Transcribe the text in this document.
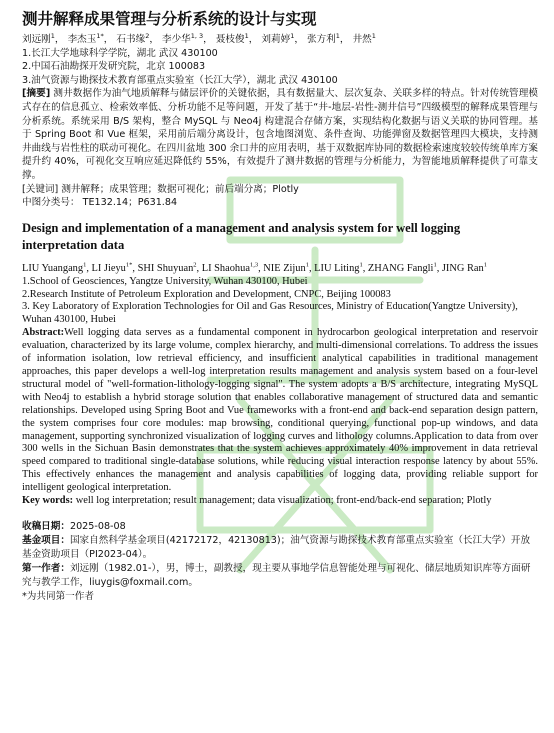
测井解释成果管理与分析系统的设计与实现
刘远刚$^1$， 李杰玉$^{1*}$， 石书缘$^2$， 李少华$^{1, 3}$， 聂枝俊$^1$， 刘莉婷$^1$， 张方利$^1$， 井然$^1$
1.长江大学地球科学学院，湖北 武汉 430100
2.中国石油勘探开发研究院，北京 100083
3.油气资源与勘探技术教育部重点实验室（长江大学），湖北 武汉 430100
[摘要] 测井数据作为油气地质解释与储层评价的关键依据，具有数据量大、层次复杂、关联多样的特点。针对传统管理模式存在的信息孤立、检索效率低、分析功能不足等问题，开发了基于“井-地层-岩性-测井信号”四级模型的解释成果管理与分析系统。系统采用 B/S 架构，整合 MySQL 与 Neo4j 构建混合存储方案，实现结构化数据与语义关联的协同管理。基于 Spring Boot 和 Vue 框架，采用前后端分离设计，包含地图浏览、条件查询、功能弹窗及数据管理四大模块，支持测井曲线与岩性柱的联动可视化。在四川盆地 300 余口井的应用表明，基于双数据库协同的数据检索速度较较传统单库方案提升约 40%，可视化交互响应延迟降低约 55%，有效提升了测井数据的管理与分析能力，为智能地质解释提供了可靠支撑。
[关键词] 测井解释；成果管理；数据可视化；前后端分离；Plotly
中图分类号： TE132.14；P631.84
Design and implementation of a management and analysis system for well logging interpretation data
LIU Yuangang$^1$, LI Jieyu$^{1*}$, SHI Shuyuan$^2$, LI Shaohua$^{1,3}$, NIE Zijun$^1$, LIU Liting$^1$, ZHANG Fangli$^1$, JING Ran$^1$
1.School of Geosciences, Yangtze University, Wuhan 430100, Hubei
2.Research Institute of Petroleum Exploration and Development, CNPC, Beijing 100083
3. Key Laboratory of Exploration Technologies for Oil and Gas Resources, Ministry of Education(Yangtze University), Wuhan 430100, Hubei
Abstract:Well logging data serves as a fundamental component in hydrocarbon geological interpretation and reservoir evaluation, characterized by its large volume, complex hierarchy, and multi-dimensional correlations. To address the issues of information isolation, low retrieval efficiency, and insufficient analytical capabilities in traditional management approaches, this paper develops a well-log interpretation results management and analysis system based on a four-level structural model of "well-formation-lithology-logging signal". The system adopts a B/S architecture, integrating MySQL with Neo4j to establish a hybrid storage solution that enables collaborative management of structured data and semantic relationships. Developed using Spring Boot and Vue frameworks with a front-end and back-end separation design pattern, the system comprises four core modules: map browsing, conditional querying, functional pop-up windows, and data management, supporting synchronized visualization of logging curves and lithology columns.Application to data from over 300 wells in the Sichuan Basin demonstrates that the system achieves approximately 40% improvement in data retrieval speed compared to traditional single-database solutions, while reducing visual interaction response latency by about 55%. This effectively enhances the management and analysis capabilities of logging data, providing reliable support for intelligent geological interpretation.
Key words: well log interpretation; result management; data visualization; front-end/back-end separation; Plotly
收稿日期：2025-08-08
基金项目：国家自然科学基金项目(42172172，42130813)；油气资源与勘探技术教育部重点实验室（长江大学）开放基金资助项目（PI2023-04）。
第一作者：刘远刚（1982.01-），男，博士，副教授，现主要从事地学信息智能处理与可视化、储层地质知识库等方面研究与教学工作，liuygis@foxmail.com。
*为共同第一作者
